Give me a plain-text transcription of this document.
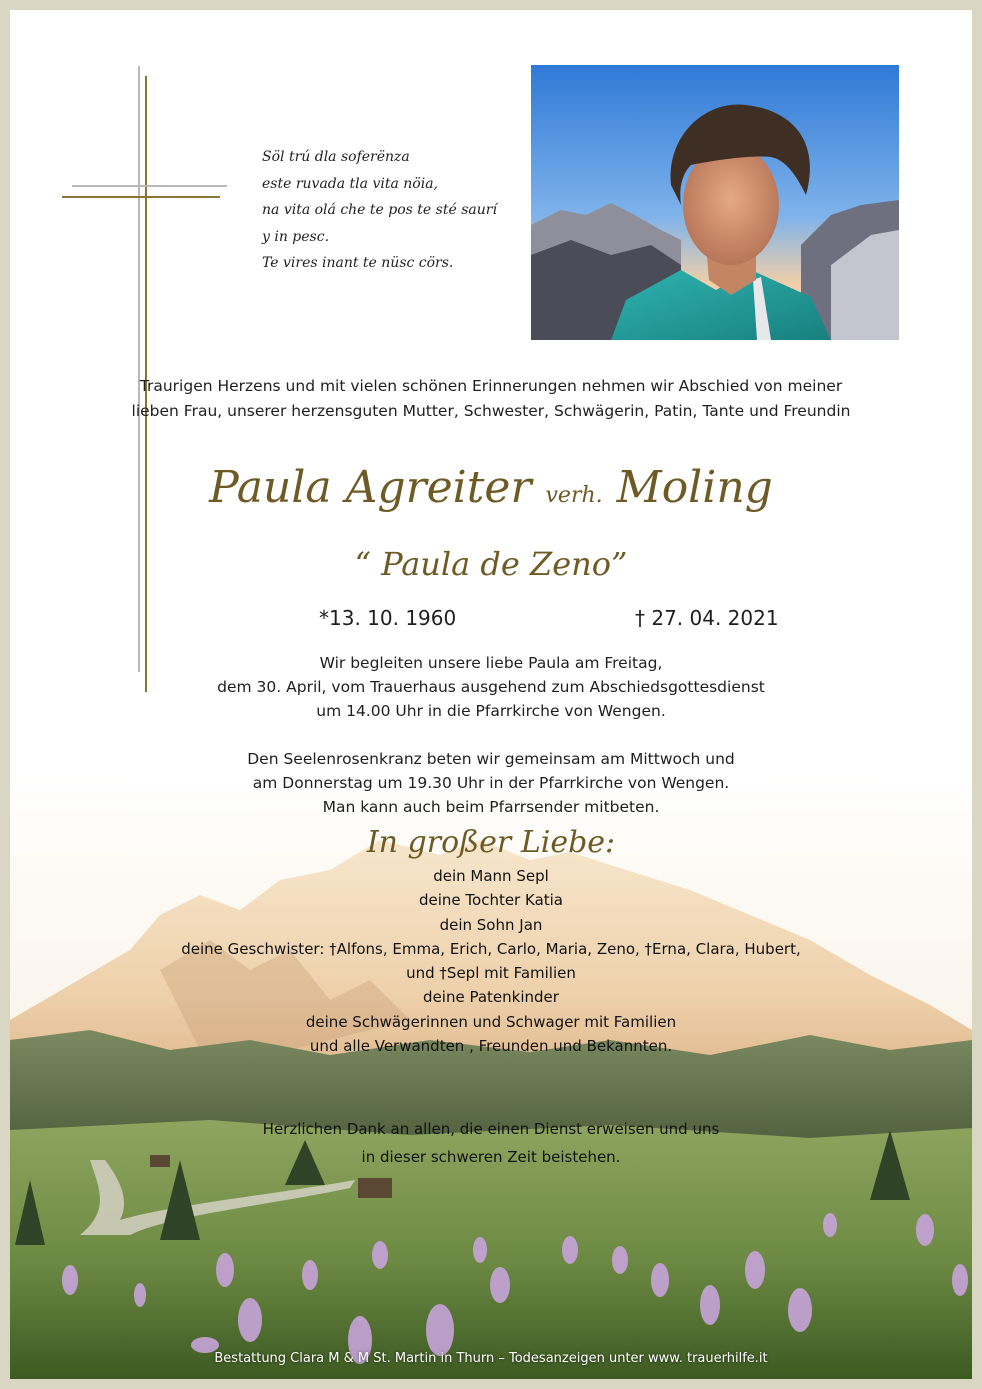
Söl trú dla soferënza
este ruvada tla vita nöia,
na vita olá che te pos te sté saurí
y in pesc.
Te vires inant te nüsc cörs.
Traurigen Herzens und mit vielen schönen Erinnerungen nehmen wir Abschied von meiner
lieben Frau, unserer herzensguten Mutter, Schwester, Schwägerin, Patin, Tante und Freundin
Paula Agreiter verh. Moling
“ Paula de Zeno”
*13. 10. 1960	† 27. 04. 2021
Wir begleiten unsere liebe Paula am Freitag,
dem 30. April, vom Trauerhaus ausgehend zum Abschiedsgottesdienst
um 14.00 Uhr in die Pfarrkirche von Wengen.
Den Seelenrosenkranz beten wir gemeinsam am Mittwoch und
am Donnerstag um 19.30 Uhr in der Pfarrkirche von Wengen.
Man kann auch beim Pfarrsender mitbeten.
In großer Liebe:
dein Mann Sepl
deine Tochter Katia
dein Sohn Jan
deine Geschwister: †Alfons, Emma, Erich, Carlo, Maria, Zeno, †Erna, Clara, Hubert,
und †Sepl mit Familien
deine Patenkinder
deine Schwägerinnen und Schwager mit Familien
und alle Verwandten , Freunden und Bekannten.
Herzlichen Dank an allen, die einen Dienst erweisen und uns
in dieser schweren Zeit beistehen.
Bestattung Clara M & M St. Martin in Thurn – Todesanzeigen unter www. trauerhilfe.it
